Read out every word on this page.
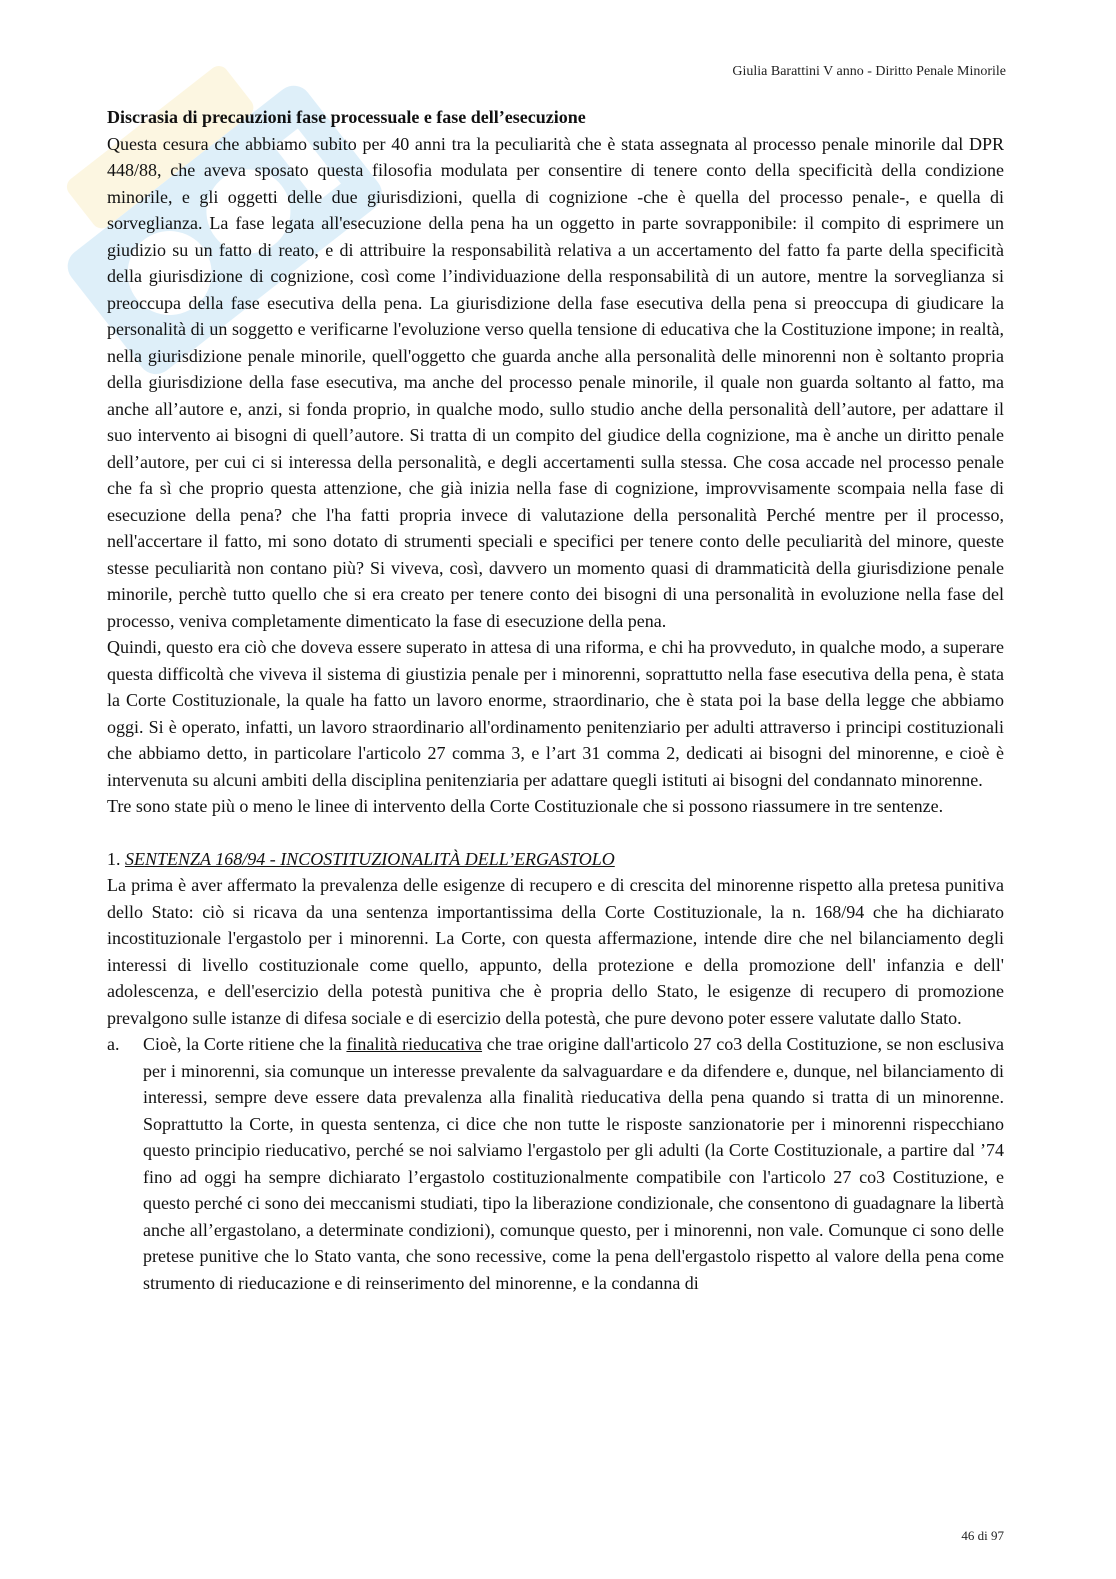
Giulia Barattini V anno - Diritto Penale Minorile

Discrasia di precauzioni fase processuale e fase dell’esecuzione

Questa cesura che abbiamo subito per 40 anni tra la peculiarità che è stata assegnata al processo penale minorile dal DPR 448/88, che aveva sposato questa filosofia modulata per consentire di tenere conto della specificità della condizione minorile, e gli oggetti delle due giurisdizioni, quella di cognizione -che è quella del processo penale-, e quella di sorveglianza. La fase legata all'esecuzione della pena ha un oggetto in parte sovrapponibile: il compito di esprimere un giudizio su un fatto di reato, e di attribuire la responsabilità relativa a un accertamento del fatto fa parte della specificità della giurisdizione di cognizione, così come l’individuazione della responsabilità di un autore, mentre la sorveglianza si preoccupa della fase esecutiva della pena. La giurisdizione della fase esecutiva della pena si preoccupa di giudicare la personalità di un soggetto e verificarne l'evoluzione verso quella tensione di educativa che la Costituzione impone; in realtà, nella giurisdizione penale minorile, quell'oggetto che guarda anche alla personalità delle minorenni non è soltanto propria della giurisdizione della fase esecutiva, ma anche del processo penale minorile, il quale non guarda soltanto al fatto, ma anche all’autore e, anzi, si fonda proprio, in qualche modo, sullo studio anche della personalità dell’autore, per adattare il suo intervento ai bisogni di quell’autore. Si tratta di un compito del giudice della cognizione, ma è anche un diritto penale dell’autore, per cui ci si interessa della personalità, e degli accertamenti sulla stessa. Che cosa accade nel processo penale che fa sì che proprio questa attenzione, che già inizia nella fase di cognizione, improvvisamente scompaia nella fase di esecuzione della pena? che l'ha fatti propria invece di valutazione della personalità Perché mentre per il processo, nell'accertare il fatto, mi sono dotato di strumenti speciali e specifici per tenere conto delle peculiarità del minore, queste stesse peculiarità non contano più? Si viveva, così, davvero un momento quasi di drammaticità della giurisdizione penale minorile, perchè tutto quello che si era creato per tenere conto dei bisogni di una personalità in evoluzione nella fase del processo, veniva completamente dimenticato la fase di esecuzione della pena.

Quindi, questo era ciò che doveva essere superato in attesa di una riforma, e chi ha provveduto, in qualche modo, a superare questa difficoltà che viveva il sistema di giustizia penale per i minorenni, soprattutto nella fase esecutiva della pena, è stata la Corte Costituzionale, la quale ha fatto un lavoro enorme, straordinario, che è stata poi la base della legge che abbiamo oggi. Si è operato, infatti, un lavoro straordinario all'ordinamento penitenziario per adulti attraverso i principi costituzionali che abbiamo detto, in particolare l'articolo 27 comma 3, e l’art 31 comma 2, dedicati ai bisogni del minorenne, e cioè è intervenuta su alcuni ambiti della disciplina penitenziaria per adattare quegli istituti ai bisogni del condannato minorenne.

Tre sono state più o meno le linee di intervento della Corte Costituzionale che si possono riassumere in tre sentenze.

1. SENTENZA 168/94 - INCOSTITUZIONALITÀ DELL’ERGASTOLO

La prima è aver affermato la prevalenza delle esigenze di recupero e di crescita del minorenne rispetto alla pretesa punitiva dello Stato: ciò si ricava da una sentenza importantissima della Corte Costituzionale, la n. 168/94 che ha dichiarato incostituzionale l'ergastolo per i minorenni. La Corte, con questa affermazione, intende dire che nel bilanciamento degli interessi di livello costituzionale come quello, appunto, della protezione e della promozione dell' infanzia e dell' adolescenza, e dell'esercizio della potestà punitiva che è propria dello Stato, le esigenze di recupero di promozione prevalgono sulle istanze di difesa sociale e di esercizio della potestà, che pure devono poter essere valutate dallo Stato.

a.	Cioè, la Corte ritiene che la finalità rieducativa che trae origine dall'articolo 27 co3 della Costituzione, se non esclusiva per i minorenni, sia comunque un interesse prevalente da salvaguardare e da difendere e, dunque, nel bilanciamento di interessi, sempre deve essere data prevalenza alla finalità rieducativa della pena quando si tratta di un minorenne. Soprattutto la Corte, in questa sentenza, ci dice che non tutte le risposte sanzionatorie per i minorenni rispecchiano questo principio rieducativo, perché se noi salviamo l'ergastolo per gli adulti (la Corte Costituzionale, a partire dal ’74 fino ad oggi ha sempre dichiarato l’ergastolo costituzionalmente compatibile con l'articolo 27 co3 Costituzione, e questo perché ci sono dei meccanismi studiati, tipo la liberazione condizionale, che consentono di guadagnare la libertà anche all’ergastolano, a determinate condizioni), comunque questo, per i minorenni, non vale. Comunque ci sono delle pretese punitive che lo Stato vanta, che sono recessive, come la pena dell'ergastolo rispetto al valore della pena come strumento di rieducazione e di reinserimento del minorenne, e la condanna di

46 di 97
